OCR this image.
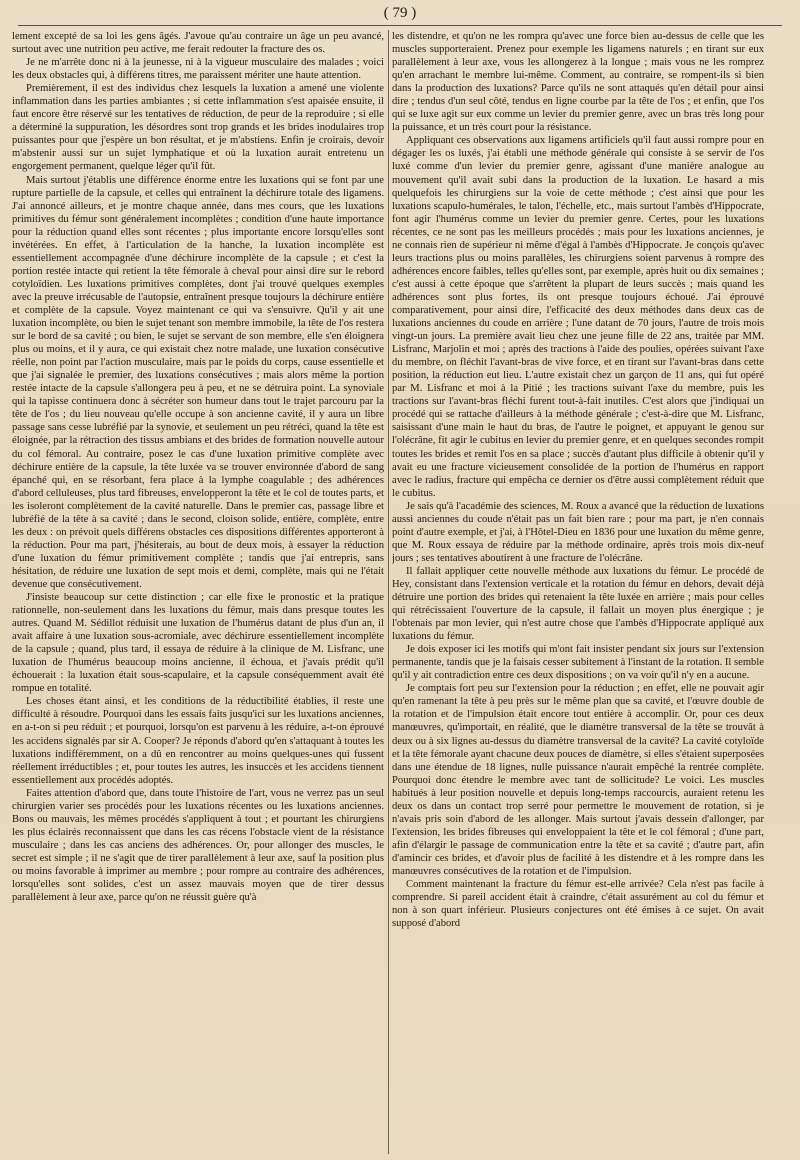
( 79 )

lement excepté de sa loi les gens âgés. J'avoue qu'au contraire un âge un peu avancé, surtout avec une nutrition peu active, me ferait redouter la fracture des os.

Je ne m'arrête donc ni à la jeunesse, ni à la vigueur musculaire des malades ; voici les deux obstacles qui, à différens titres, me paraissent mériter une haute attention.

Premièrement, il est des individus chez lesquels la luxation a amené une violente inflammation dans les parties ambiantes ; si cette inflammation s'est apaisée ensuite, il faut encore être réservé sur les tentatives de réduction, de peur de la reproduire ; si elle a déterminé la suppuration, les désordres sont trop grands et les brides inodulaires trop puissantes pour que j'espère un bon résultat, et je m'abstiens. Enfin je croirais, devoir m'abstenir aussi sur un sujet lymphatique et où la luxation aurait entretenu un engorgement permanent, quelque léger qu'il fût.

Mais surtout j'établis une différence énorme entre les luxations qui se font par une rupture partielle de la capsule, et celles qui entraînent la déchirure totale des ligamens. J'ai annoncé ailleurs, et je montre chaque année, dans mes cours, que les luxations primitives du fémur sont généralement incomplètes ; condition d'une haute importance pour la réduction quand elles sont récentes ; plus importante encore lorsqu'elles sont invétérées. En effet, à l'articulation de la hanche, la luxation incomplète est essentiellement accompagnée d'une déchirure incomplète de la capsule ; et c'est la portion restée intacte qui retient la tête fémorale à cheval pour ainsi dire sur le rebord cotyloïdien. Les luxations primitives complètes, dont j'ai trouvé quelques exemples avec la preuve irrécusable de l'autopsie, entraînent presque toujours la déchirure entière et complète de la capsule. Voyez maintenant ce qui va s'ensuivre. Qu'il y ait une luxation incomplète, ou bien le sujet tenant son membre immobile, la tête de l'os restera sur le bord de sa cavité ; ou bien, le sujet se servant de son membre, elle s'en éloignera plus ou moins, et il y aura, ce qui existait chez notre malade, une luxation consécutive réelle, non point par l'action musculaire, mais par le poids du corps, cause essentielle et que j'ai signalée le premier, des luxations consécutives ; mais alors même la portion restée intacte de la capsule s'allongera peu à peu, et ne se détruira point. La synoviale qui la tapisse continuera donc à sécréter son humeur dans tout le trajet parcouru par la tête de l'os ; du lieu nouveau qu'elle occupe à son ancienne cavité, il y aura un libre passage sans cesse lubréfié par la synovie, et seulement un peu rétréci, quand la tête est éloignée, par la rétraction des tissus ambians et des brides de formation nouvelle autour du col fémoral. Au contraire, posez le cas d'une luxation primitive complète avec déchirure entière de la capsule, la tête luxée va se trouver environnée d'abord de sang épanché qui, en se résorbant, fera place à la lymphe coagulable ; des adhérences d'abord celluleuses, plus tard fibreuses, envelopperont la tête et le col de toutes parts, et les isoleront complètement de la cavité naturelle. Dans le premier cas, passage libre et lubréfié de la tête à sa cavité ; dans le second, cloison solide, entière, complète, entre les deux : on prévoit quels différens obstacles ces dispositions différentes apporteront à la réduction. Pour ma part, j'hésiterais, au bout de deux mois, à essayer la réduction d'une luxation du fémur primitivement complète ; tandis que j'ai entrepris, sans hésitation, de réduire une luxation de sept mois et demi, complète, mais qui ne l'était devenue que consécutivement.

J'insiste beaucoup sur cette distinction ; car elle fixe le pronostic et la pratique rationnelle, non-seulement dans les luxations du fémur, mais dans presque toutes les autres. Quand M. Sédillot réduisit une luxation de l'humérus datant de plus d'un an, il avait affaire à une luxation sous-acromiale, avec déchirure essentiellement incomplète de la capsule ; quand, plus tard, il essaya de réduire à la clinique de M. Lisfranc, une luxation de l'humérus beaucoup moins ancienne, il échoua, et j'avais prédit qu'il échouerait : la luxation était sous-scapulaire, et la capsule conséquemment avait été rompue en totalité.

Les choses étant ainsi, et les conditions de la réductibilité établies, il reste une difficulté à résoudre. Pourquoi dans les essais faits jusqu'ici sur les luxations anciennes, en a-t-on si peu réduit ; et pourquoi, lorsqu'on est parvenu à les réduire, a-t-on éprouvé les accidens signalés par sir A. Cooper? Je réponds d'abord qu'en s'attaquant à toutes les luxations indifféremment, on a dû en rencontrer au moins quelques-unes qui fussent réellement irréductibles ; et, pour toutes les autres, les insuccès et les accidens tiennent essentiellement aux procédés adoptés.

Faites attention d'abord que, dans toute l'histoire de l'art, vous ne verrez pas un seul chirurgien varier ses procédés pour les luxations récentes ou les luxations anciennes. Bons ou mauvais, les mêmes procédés s'appliquent à tout ; et pourtant les chirurgiens les plus éclairés reconnaissent que dans les cas récens l'obstacle vient de la résistance musculaire ; dans les cas anciens des adhérences. Or, pour allonger des muscles, le secret est simple ; il ne s'agit que de tirer parallèlement à leur axe, sauf la position plus ou moins favorable à imprimer au membre ; pour rompre au contraire des adhérences, lorsqu'elles sont solides, c'est un assez mauvais moyen que de tirer dessus parallèlement à leur axe, parce qu'on ne réussit guère qu'à

les distendre, et qu'on ne les rompra qu'avec une force bien au-dessus de celle que les muscles supporteraient. Prenez pour exemple les ligamens naturels ; en tirant sur eux parallèlement à leur axe, vous les allongerez à la longue ; mais vous ne les romprez qu'en arrachant le membre lui-même. Comment, au contraire, se rompent-ils si bien dans la production des luxations? Parce qu'ils ne sont attaqués qu'en détail pour ainsi dire ; tendus d'un seul côté, tendus en ligne courbe par la tête de l'os ; et enfin, que l'os qui se luxe agit sur eux comme un levier du premier genre, avec un bras très long pour la puissance, et un très court pour la résistance.

Appliquant ces observations aux ligamens artificiels qu'il faut aussi rompre pour en dégager les os luxés, j'ai établi une méthode générale qui consiste à se servir de l'os luxé comme d'un levier du premier genre, agissant d'une manière analogue au mouvement qu'il avait subi dans la production de la luxation. Le hasard a mis quelquefois les chirurgiens sur la voie de cette méthode ; c'est ainsi que pour les luxations scapulo-humérales, le talon, l'échelle, etc., mais surtout l'ambès d'Hippocrate, font agir l'humérus comme un levier du premier genre. Certes, pour les luxations récentes, ce ne sont pas les meilleurs procédés ; mais pour les luxations anciennes, je ne connais rien de supérieur ni même d'égal à l'ambès d'Hippocrate. Je conçois qu'avec leurs tractions plus ou moins parallèles, les chirurgiens soient parvenus à rompre des adhérences encore faibles, telles qu'elles sont, par exemple, après huit ou dix semaines ; c'est aussi à cette époque que s'arrêtent la plupart de leurs succès ; mais quand les adhérences sont plus fortes, ils ont presque toujours échoué. J'ai éprouvé comparativement, pour ainsi dire, l'efficacité des deux méthodes dans deux cas de luxations anciennes du coude en arrière ; l'une datant de 70 jours, l'autre de trois mois vingt-un jours. La première avait lieu chez une jeune fille de 22 ans, traitée par MM. Lisfranc, Marjolin et moi ; après des tractions à l'aide des poulies, opérées suivant l'axe du membre, on fléchit l'avant-bras de vive force, et en tirant sur l'avant-bras dans cette position, la réduction eut lieu. L'autre existait chez un garçon de 11 ans, qui fut opéré par M. Lisfranc et moi à la Pitié ; les tractions suivant l'axe du membre, puis les tractions sur l'avant-bras fléchi furent tout-à-fait inutiles. C'est alors que j'indiquai un procédé qui se rattache d'ailleurs à la méthode générale ; c'est-à-dire que M. Lisfranc, saisissant d'une main le haut du bras, de l'autre le poignet, et appuyant le genou sur l'olécrâne, fit agir le cubitus en levier du premier genre, et en quelques secondes rompit toutes les brides et remit l'os en sa place ; succès d'autant plus difficile à obtenir qu'il y avait eu une fracture vicieusement consolidée de la portion de l'humérus en rapport avec le radius, fracture qui empêcha ce dernier os d'être aussi complètement réduit que le cubitus.

Je sais qu'à l'académie des sciences, M. Roux a avancé que la réduction de luxations aussi anciennes du coude n'était pas un fait bien rare ; pour ma part, je n'en connais point d'autre exemple, et j'ai, à l'Hôtel-Dieu en 1836 pour une luxation du même genre, que M. Roux essaya de réduire par la méthode ordinaire, après trois mois dix-neuf jours ; ses tentatives aboutirent à une fracture de l'olécrâne.

Il fallait appliquer cette nouvelle méthode aux luxations du fémur. Le procédé de Hey, consistant dans l'extension verticale et la rotation du fémur en dehors, devait déjà détruire une portion des brides qui retenaient la tête luxée en arrière ; mais pour celles qui rétrécissaient l'ouverture de la capsule, il fallait un moyen plus énergique ; je l'obtenais par mon levier, qui n'est autre chose que l'ambès d'Hippocrate appliqué aux luxations du fémur.

Je dois exposer ici les motifs qui m'ont fait insister pendant six jours sur l'extension permanente, tandis que je la faisais cesser subitement à l'instant de la rotation. Il semble qu'il y ait contradiction entre ces deux dispositions ; on va voir qu'il n'y en a aucune.

Je comptais fort peu sur l'extension pour la réduction ; en effet, elle ne pouvait agir qu'en ramenant la tête à peu près sur le même plan que sa cavité, et l'œuvre double de la rotation et de l'impulsion était encore tout entière à accomplir. Or, pour ces deux manœuvres, qu'importait, en réalité, que le diamètre transversal de la tête se trouvât à deux ou à six lignes au-dessus du diamètre transversal de la cavité? La cavité cotyloïde et la tête fémorale ayant chacune deux pouces de diamètre, si elles s'étaient superposées dans une étendue de 18 lignes, nulle puissance n'aurait empêché la rentrée complète. Pourquoi donc étendre le membre avec tant de sollicitude? Le voici. Les muscles habitués à leur position nouvelle et depuis long-temps raccourcis, auraient retenu les deux os dans un contact trop serré pour permettre le mouvement de rotation, si je n'avais pris soin d'abord de les allonger. Mais surtout j'avais dessein d'allonger, par l'extension, les brides fibreuses qui enveloppaient la tête et le col fémoral ; d'une part, afin d'élargir le passage de communication entre la tête et sa cavité ; d'autre part, afin d'amincir ces brides, et d'avoir plus de facilité à les distendre et à les rompre dans les manœuvres consécutives de la rotation et de l'impulsion.

Comment maintenant la fracture du fémur est-elle arrivée? Cela n'est pas facile à comprendre. Si pareil accident était à craindre, c'était assurément au col du fémur et non à son quart inférieur. Plusieurs conjectures ont été émises à ce sujet. On avait supposé d'abord
